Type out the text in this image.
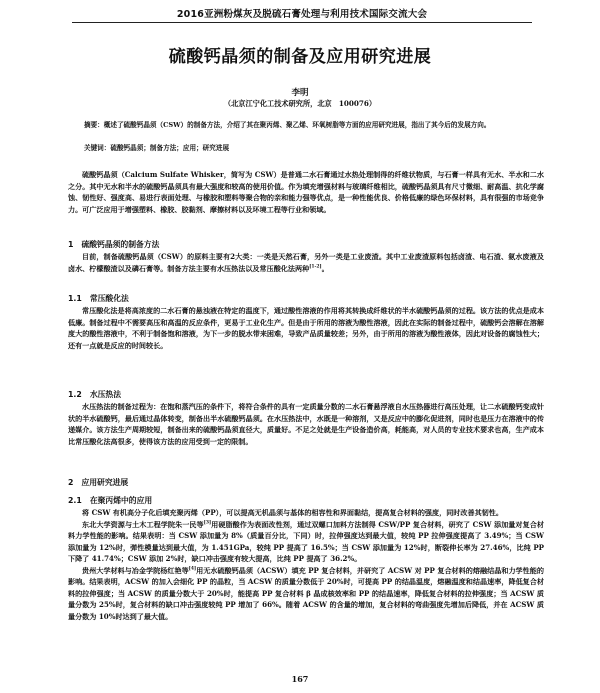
2016亚洲粉煤灰及脱硫石膏处理与利用技术国际交流大会
硫酸钙晶须的制备及应用研究进展
李明
（北京江宁化工技术研究所，北京　100076）
摘要：概述了硫酸钙晶须（CSW）的制备方法，介绍了其在聚丙烯、聚乙烯、环氧树脂等方面的应用研究进展，指出了其今后的发展方向。
关键词：硫酸钙晶须；制备方法；应用；研究进展

硫酸钙晶须（Calcium Sulfate Whisker，简写为 CSW）是普通二水石膏通过水热处理制得的纤维状物质，与石膏一样具有无水、半水和二水之分。其中无水和半水的硫酸钙晶须具有最大强度和较高的使用价值。作为填充增强材料与玻璃纤维相比，硫酸钙晶须具有尺寸微细、耐高温、抗化学腐蚀、韧性好、强度高、易进行表面处理、与橡胶和塑料等聚合物的亲和能力强等优点，是一种性能优良、价格低廉的绿色环保材料，具有很强的市场竞争力。可广泛应用于增强塑料、橡胶、胶黏剂、摩擦材料以及环境工程等行业和领域。

1 硫酸钙晶须的制备方法

目前，制备硫酸钙晶须（CSW）的原料主要有2大类：一类是天然石膏，另外一类是工业废渣。其中工业废渣原料包括卤渣、电石渣、氨水废液及卤水、柠檬酸渣以及磷石膏等。制备方法主要有水压热法以及常压酸化法两种[1-2]。

1.1 常压酸化法

常压酸化法是将高浓度的二水石膏的悬浊液在特定的温度下，通过酸性溶液的作用将其转换成纤维状的半水硫酸钙晶须的过程。该方法的优点是成本低廉。制备过程中不需要高压和高温的反应条件，更易于工业化生产。但是由于所用的溶液为酸性溶液，因此在实际的制备过程中，硫酸钙会溶解在溶解度大的酸性溶液中，不利于制备饱和溶液，为下一步的脱水带来困难，导致产品质量较差；另外，由于所用的溶液为酸性液体，因此对设备的腐蚀性大；还有一点就是反应的时间较长。

1.2 水压热法

水压热法的制备过程为：在饱和蒸汽压的条件下，将符合条件的具有一定质量分数的二水石膏悬浮液自水压热器进行高压处理，让二水硫酸钙变成针状的半水硫酸钙，最后通过晶体转变，制备出半水硫酸钙晶须。在水压热法中，水既是一种溶剂，又是反应中的膨化促进剂，同时也是压力在溶液中的传递媒介。该方法生产周期较短，制备出来的硫酸钙晶须直径大，质量好。不足之处就是生产设备造价高，耗能高，对人员的专业技术要求也高，生产成本比常压酸化法高很多，使得该方法的应用受到一定的限制。

2 应用研究进展
2.1 在聚丙烯中的应用

将 CSW 有机高分子化后填充聚丙烯（PP），可以提高无机晶须与基体的相容性和界面黏结，提高复合材料的强度，同时改善其韧性。

东北大学资源与土木工程学院朱一民等[3]用硬脂酸作为表面改性剂，通过双螺口加料方法制得 CSW/PP 复合材料，研究了 CSW 添加量对复合材料力学性能的影响。结果表明：当 CSW 添加量为 8%（质量百分比，下同）时，拉伸强度达到最大值，较纯 PP 拉伸强度提高了 3.49%；当 CSW 添加量为 12%时，弹性模量达到最大值，为 1.451GPa，较纯 PP 提高了 16.5%；当 CSW 添加量为 12%时，断裂伸长率为 27.46%，比纯 PP 下降了 41.74%；CSW 添加 2%时，缺口冲击强度有较大提高，比纯 PP 提高了 36.2%。

贵州大学材料与冶金学院杨红艳等[4]用无水硫酸钙晶须（ACSW）填充 PP 复合材料，并研究了 ACSW 对 PP 复合材料的熔融结晶和力学性能的影响。结果表明，ACSW 的加入会细化 PP 的晶粒，当 ACSW 的质量分数低于 20%时，可提高 PP 的结晶温度，熔融温度和结晶速率，降低复合材料的拉伸强度；当 ACSW 的质量分数大于 20%时，能提高 PP 复合材料 β 晶成核效率和 PP 的结晶速率，降低复合材料的拉伸强度；当 ACSW 质量分数为 25%时，复合材料的缺口冲击强度较纯 PP 增加了 66%。随着 ACSW 的含量的增加，复合材料的弯曲强度先增加后降低，并在 ACSW 质量分数为 10%时达到了最大值。

167
